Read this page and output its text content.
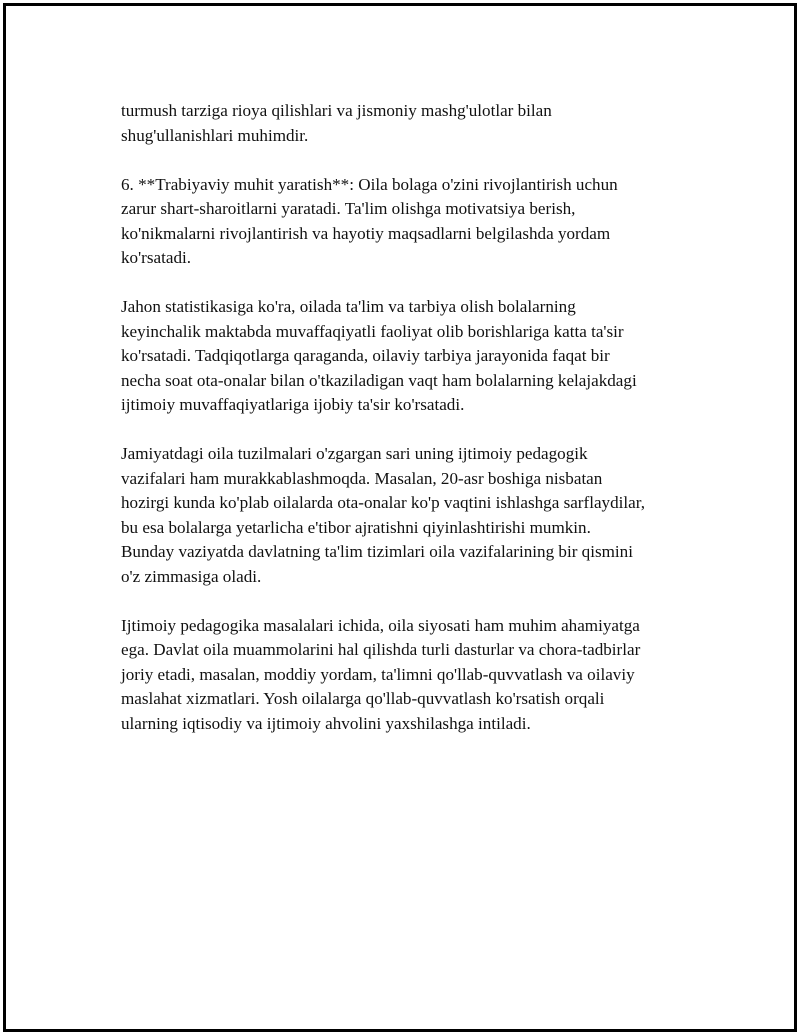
turmush tarziga rioya qilishlari va jismoniy mashg'ulotlar bilan
shug'ullanishlari muhimdir.

6. **Trabiyaviy muhit yaratish**: Oila bolaga o'zini rivojlantirish uchun
zarur shart-sharoitlarni yaratadi. Ta'lim olishga motivatsiya berish,
ko'nikmalarni rivojlantirish va hayotiy maqsadlarni belgilashda yordam
ko'rsatadi.

Jahon statistikasiga ko'ra, oilada ta'lim va tarbiya olish bolalarning
keyinchalik maktabda muvaffaqiyatli faoliyat olib borishlariga katta ta'sir
ko'rsatadi. Tadqiqotlarga qaraganda, oilaviy tarbiya jarayonida faqat bir
necha soat ota-onalar bilan o'tkaziladigan vaqt ham bolalarning kelajakdagi
ijtimoiy muvaffaqiyatlariga ijobiy ta'sir ko'rsatadi.

Jamiyatdagi oila tuzilmalari o'zgargan sari uning ijtimoiy pedagogik
vazifalari ham murakkablashmoqda. Masalan, 20-asr boshiga nisbatan
hozirgi kunda ko'plab oilalarda ota-onalar ko'p vaqtini ishlashga sarflaydilar,
bu esa bolalarga yetarlicha e'tibor ajratishni qiyinlashtirishi mumkin.
Bunday vaziyatda davlatning ta'lim tizimlari oila vazifalarining bir qismini
o'z zimmasiga oladi.

Ijtimoiy pedagogika masalalari ichida, oila siyosati ham muhim ahamiyatga
ega. Davlat oila muammolarini hal qilishda turli dasturlar va chora-tadbirlar
joriy etadi, masalan, moddiy yordam, ta'limni qo'llab-quvvatlash va oilaviy
maslahat xizmatlari. Yosh oilalarga qo'llab-quvvatlash ko'rsatish orqali
ularning iqtisodiy va ijtimoiy ahvolini yaxshilashga intiladi.
